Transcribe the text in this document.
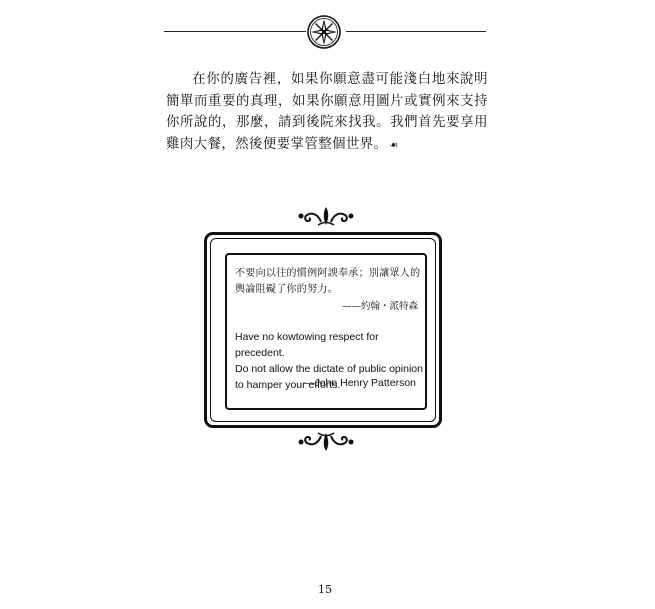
在你的廣告裡，如果你願意盡可能淺白地來說明簡單而重要的真理，如果你願意用圖片或實例來支持你所說的，那麼，請到後院來找我。我們首先要享用雞肉大餐，然後便要掌管整個世界。 ☙
不要向以往的慣例阿諛奉承；別讓眾人的輿論阻礙了你的努力。
——約翰・派特森
Have no kowtowing respect for precedent.
Do not allow the dictate of public opinion
to hamper your efforts.
—John Henry Patterson
15
